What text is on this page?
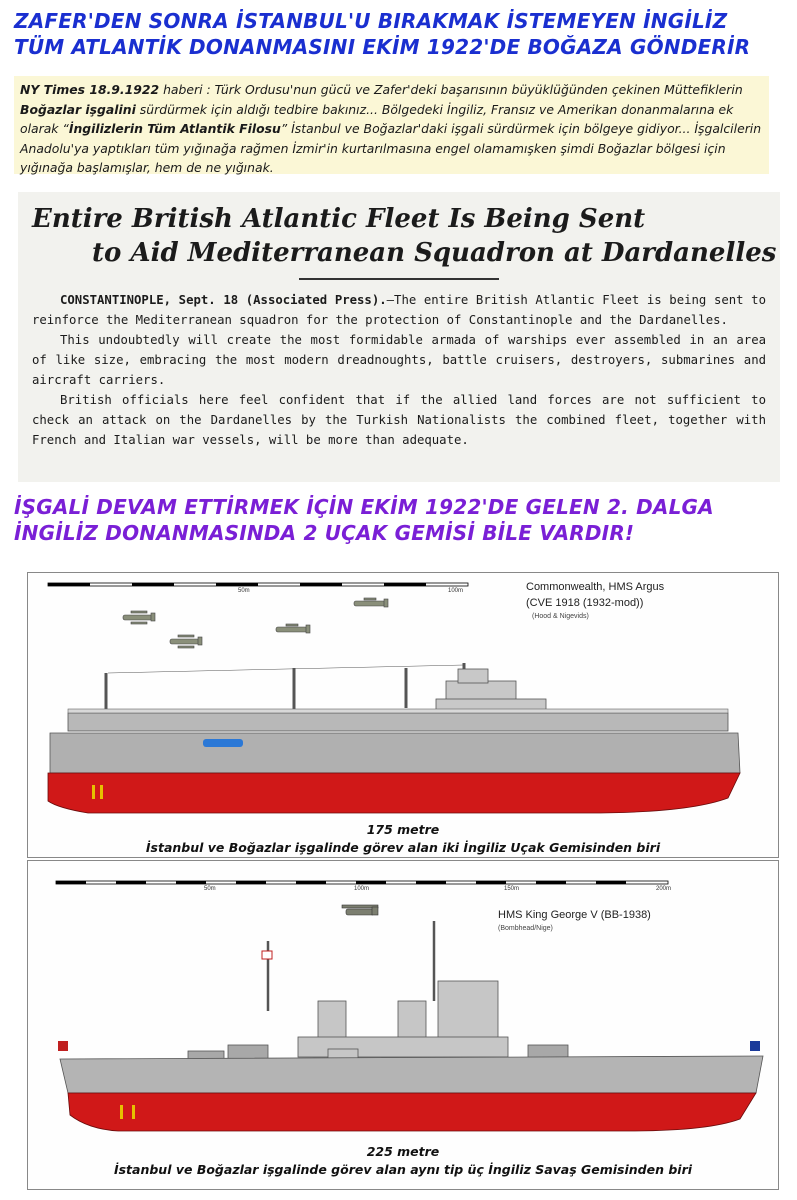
ZAFER'DEN SONRA İSTANBUL'U BIRAKMAK İSTEMEYEN İNGİLİZ
TÜM ATLANTİK DONANMASINI EKİM 1922'DE BOĞAZA GÖNDERİR
NY Times 18.9.1922 haberi : Türk Ordusu'nun gücü ve Zafer'deki başarısının büyüklüğünden çekinen Müttefiklerin Boğazlar işgalini sürdürmek için aldığı tedbire bakınız... Bölgedeki İngiliz, Fransız ve Amerikan donanmalarına ek olarak “İngilizlerin Tüm Atlantik Filosu” İstanbul ve Boğazlar'daki işgali sürdürmek için bölgeye gidiyor... İşgalcilerin Anadolu'ya yaptıkları tüm yığınağa rağmen İzmir'in kurtarılmasına engel olamamışken şimdi Boğazlar bölgesi için yığınağa başlamışlar, hem de ne yığınak.
Entire British Atlantic Fleet Is Being Sent
to Aid Mediterranean Squadron at Dardanelles

CONSTANTINOPLE, Sept. 18 (Associated Press).—The entire British Atlantic Fleet is being sent to reinforce the Mediterranean squadron for the protection of Constantinople and the Dardanelles.

This undoubtedly will create the most formidable armada of warships ever assembled in an area of like size, embracing the most modern dreadnoughts, battle cruisers, destroyers, submarines and aircraft carriers.

British officials here feel confident that if the allied land forces are not sufficient to check an attack on the Dardanelles by the Turkish Nationalists the combined fleet, together with French and Italian war vessels, will be more than adequate.

İŞGALİ DEVAM ETTİRMEK İÇİN EKİM 1922'DE GELEN 2. DALGA
İNGİLİZ DONANMASINDA 2 UÇAK GEMİSİ BİLE VARDIR!
50m	100m	Commonwealth, HMS Argus

(CVE 1918 (1932-mod))

(Hood & Nigevids)

175 metre

İstanbul ve Boğazlar işgalinde görev alan iki İngiliz Uçak Gemisinden biri

50m	100m	150m	200m

HMS King George V (BB-1938)

(Bombhead/Nige)

225 metre

İstanbul ve Boğazlar işgalinde görev alan aynı tip üç İngiliz Savaş Gemisinden biri
